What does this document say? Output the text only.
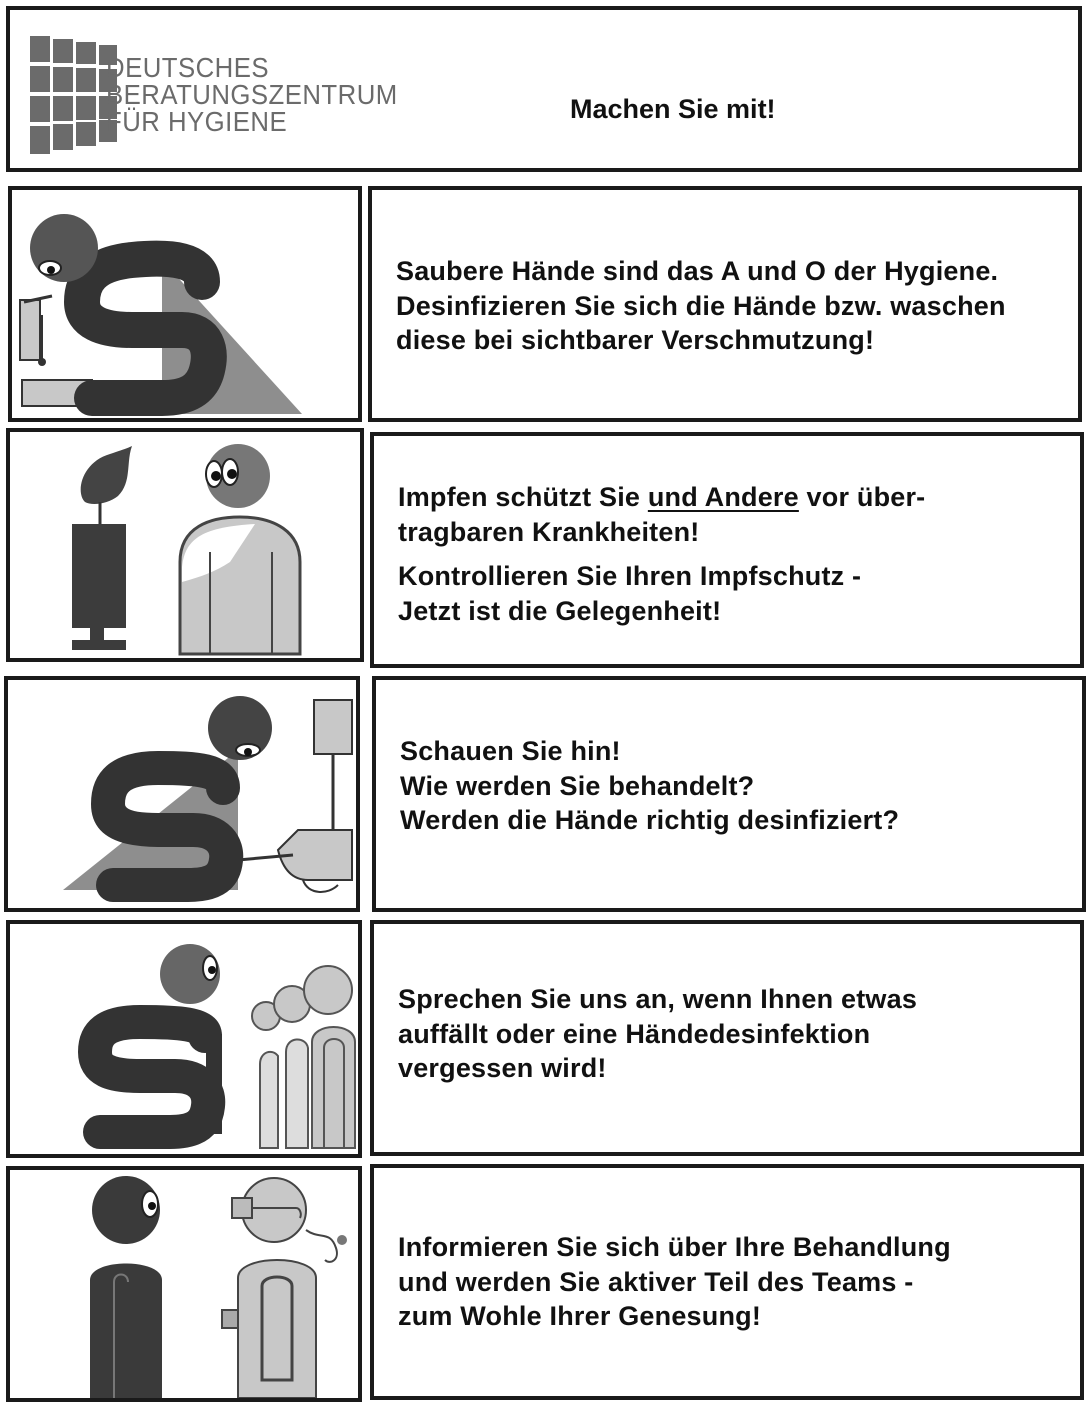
DEUTSCHES
BERATUNGSZENTRUM
FÜR HYGIENE	Machen Sie mit!

Saubere Hände sind das A und O der Hygiene.

Desinfizieren Sie sich die Hände bzw. waschen

diese bei sichtbarer Verschmutzung!

Impfen schützt Sie und Andere vor über-

tragbaren Krankheiten!

Kontrollieren Sie Ihren Impfschutz -

Jetzt ist die Gelegenheit!

Schauen Sie hin!

Wie werden Sie behandelt?

Werden die Hände richtig desinfiziert?

Sprechen Sie uns an, wenn Ihnen etwas

auffällt oder eine Händedesinfektion

vergessen wird!

Informieren Sie sich über Ihre Behandlung

und werden Sie aktiver Teil des Teams -

zum Wohle Ihrer Genesung!
